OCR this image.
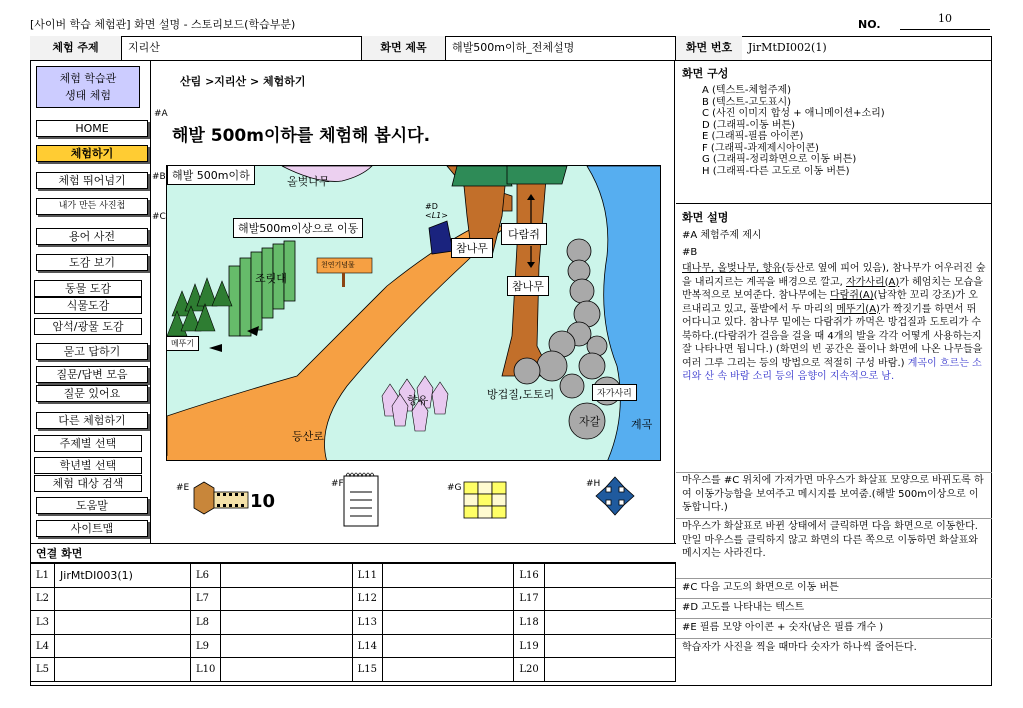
[사이버 학습 체험관] 화면 설명 - 스토리보드(학습부분)	NO.	10
체험 주제	지리산	화면 제목	해발500m이하_전체설명	화면 번호	JirMtDI002(1)
체험 학습관
생태 체험
HOME
체험하기
체험 뛰어넘기
내가 만든 사진첩
용어 사전
도감 보기
동물 도감
식물도감
암석/광물 도감
묻고 답하기
질문/답변 모음
질문 있어요
다른 체험하기
주제별 선택
학년별 선택
체험 대상 검색
도움말
사이트맵
산림 >지리산 > 체험하기
#A
해발 500m이하를 체험해 봅시다.
#B
#C
올벚나무
해발 500m이하
해발500m이상으로 이동
#D
<L1>
조릿대
천연기념물
참나무
참나무
다람쥐
메뚜기
향유	방겁질,도토리	자가사리
자갈	계곡
등산로
#E
10
#F	#G	#H
화면 구성
A (텍스트-체험주제)
B (텍스트-고도표시)
C (사진 이미지 합성 + 애니메이션+소리)
D (그래픽-이동 버튼)
E (그래픽-필름 아이콘)
F (그래픽-과제제시아이콘)
G (그래픽-정리화면으로 이동 버튼)
H (그래픽-다른 고도로 이동 버튼)
화면 설명

#A 체험주제 제시

#B

대나무, 올벚나무, 향유(등산로 옆에 피어 있음), 참나무가 어우러진 숲을 내리지르는 계곡을 배경으로 깔고, 자가사리(A)가 헤엄치는 모습을 반복적으로 보여준다. 참나무에는 다람쥐(A)(납작한 꼬리 강조)가 오르내리고 있고, 풀밭에서 두 마리의 메뚜기(A)가 짝짓기를 하면서 뛰어다니고 있다. 참나무 밑에는 다람쥐가 까먹은 방겁질과 도토리가 수북하다.(다람쥐가 걸음을 걸을 때 4개의 발을 각각 어떻게 사용하는지 잘 나타나면 됩니다.) (화면의 빈 공간은 풀이나 화면에 나온 나무들을 여러 그루 그리는 등의 방법으로 적절히 구성 바람.) 계곡이 흐르는 소리와 산 속 바람 소리 등의 음향이 지속적으로 남.

마우스를 #C 위치에 가져가면 마우스가 화살표 모양으로 바뀌도록 하여 이동가능함을 보여주고 메시지를 보여줌.(해발 500m이상으로 이동합니다.)
마우스가 화살표로 바뀐 상태에서 클릭하면 다음 화면으로 이동한다. 만일 마우스를 클릭하지 않고 화면의 다른 쪽으로 이동하면 화살표와 메시지는 사라진다.
#C 다음 고도의 화면으로 이동 버튼
#D 고도를 나타내는 텍스트
#E 필름 모양 아이콘 + 숫자(남은 필름 개수 )
학습자가 사진을 찍을 때마다 숫자가 하나씩 줄어든다.
연결 화면
L1	JirMtDI003(1)	L6		L11		L16	
L2		L7		L12		L17	
L3		L8		L13		L18	
L4		L9		L14		L19	
L5		L10		L15		L20	
